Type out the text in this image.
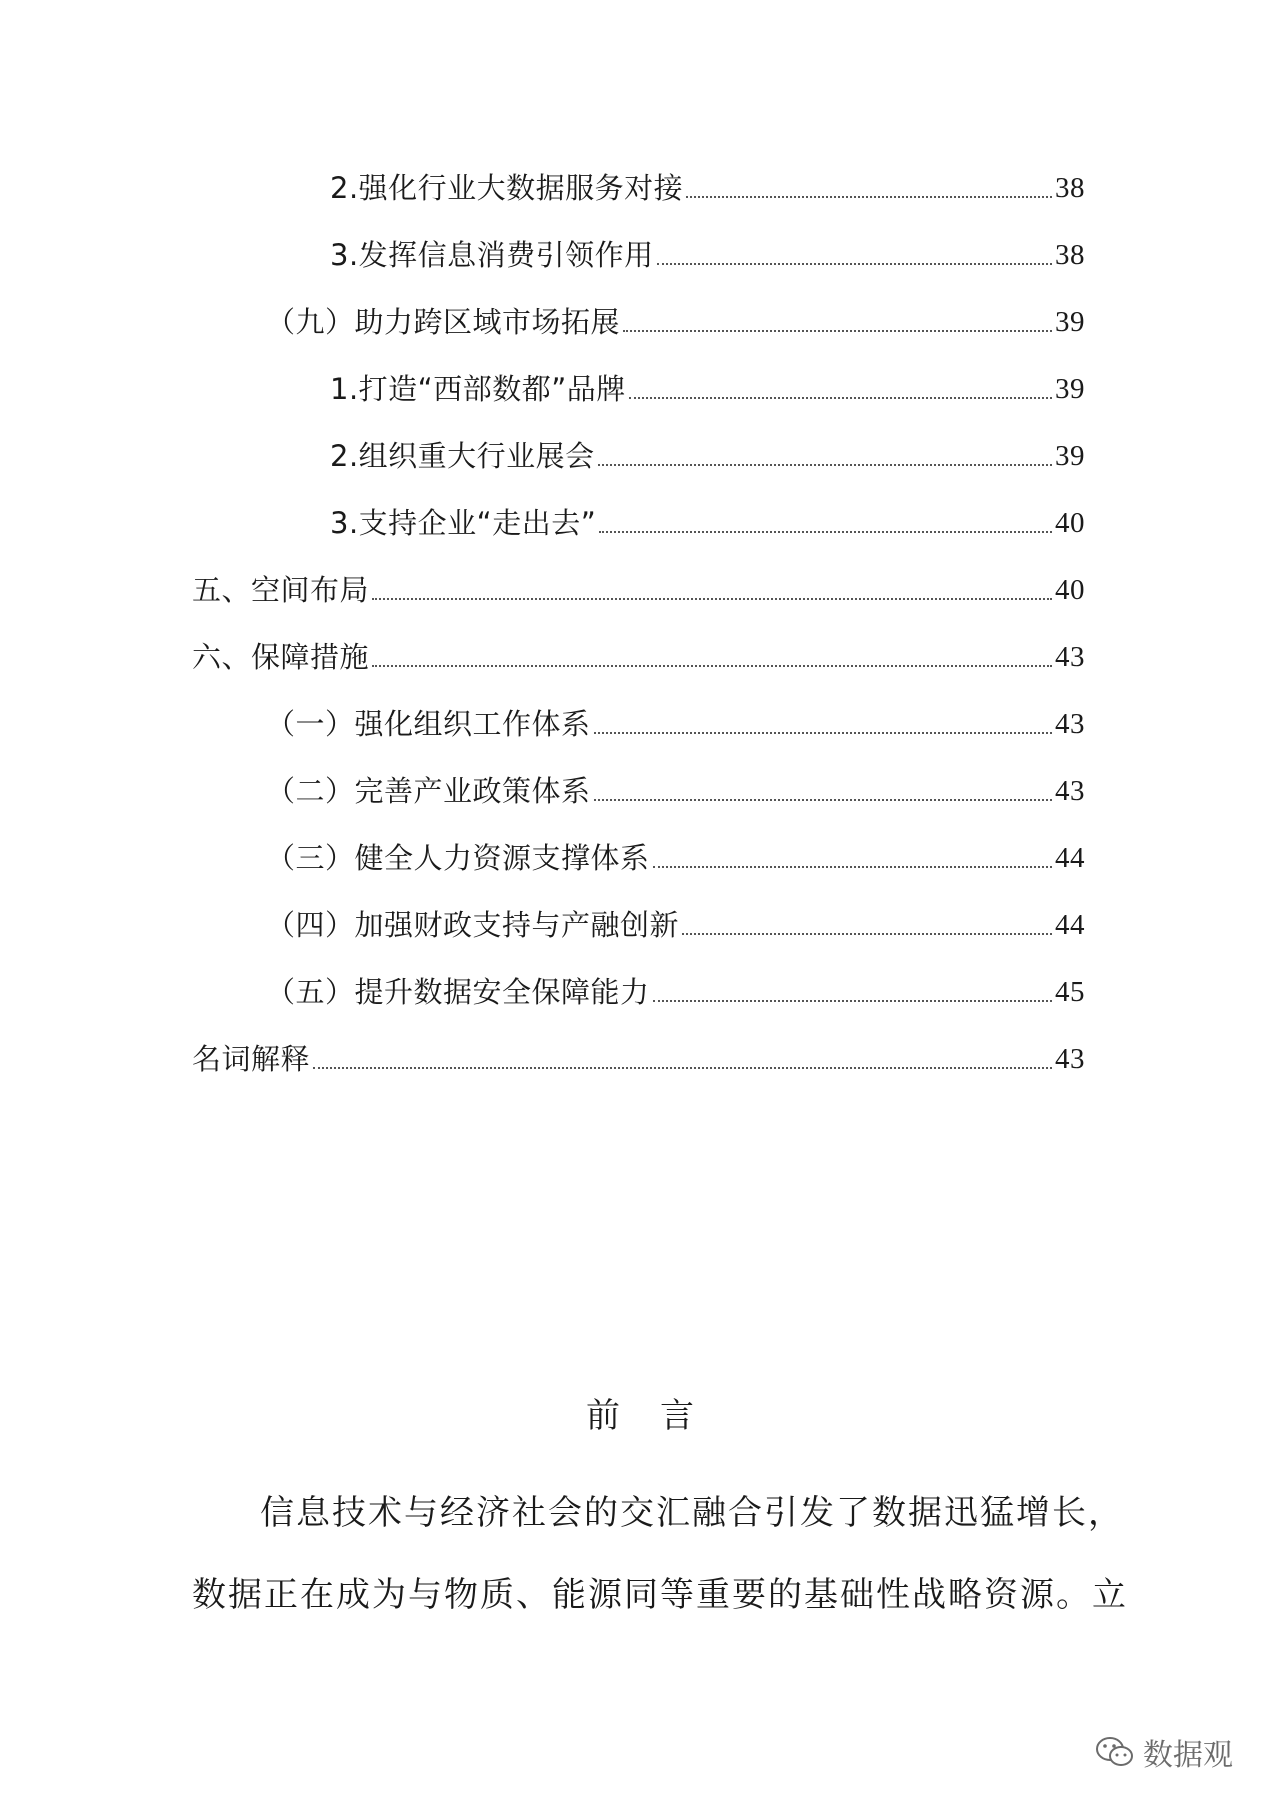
2.强化行业大数据服务对接	38
3.发挥信息消费引领作用	38
（九）助力跨区域市场拓展	39
1.打造“西部数都”品牌	39
2.组织重大行业展会	39
3.支持企业“走出去”	40
五、空间布局	40
六、保障措施	43
（一）强化组织工作体系	43
（二）完善产业政策体系	43
（三）健全人力资源支撑体系	44
（四）加强财政支持与产融创新	44
（五）提升数据安全保障能力	45
名词解释	43
前言
信息技术与经济社会的交汇融合引发了数据迅猛增长，
数据正在成为与物质、能源同等重要的基础性战略资源。立
数据观
